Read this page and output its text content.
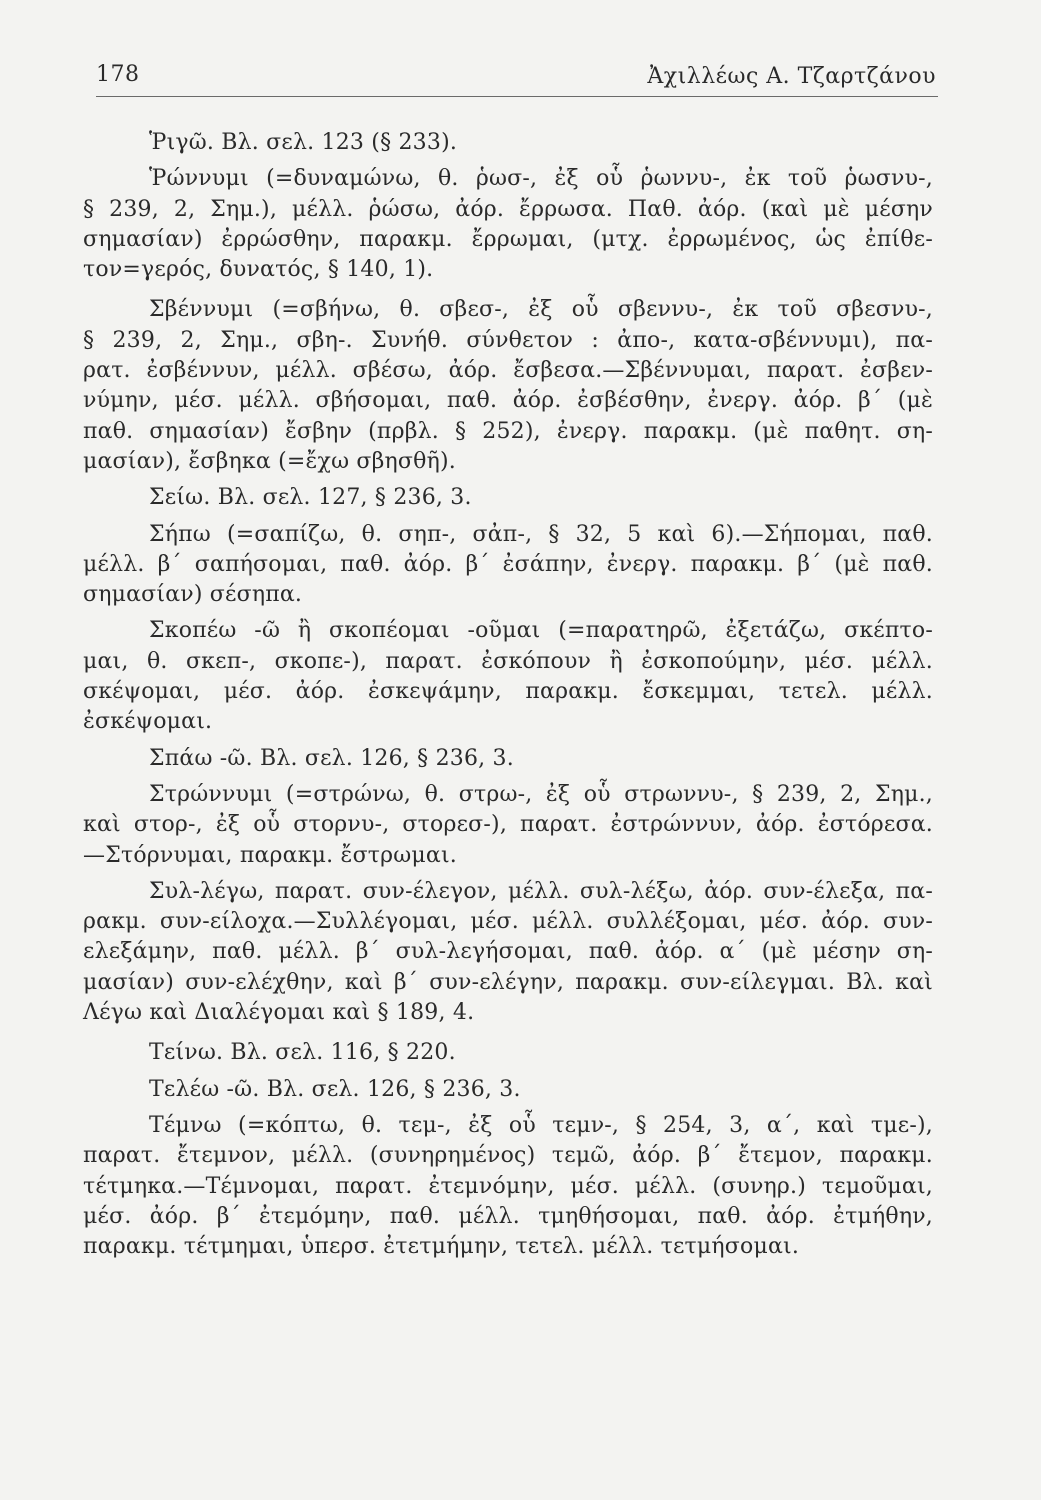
178	Ἀχιλλέως Α. Τζαρτζάνου
Ῥιγῶ. Βλ. σελ. 123 (§ 233).
Ῥώννυμι (=δυναμώνω, θ. ῥωσ-, ἐξ οὗ ῥωννυ-, ἐκ τοῦ ῥωσνυ-,
§ 239, 2, Σημ.), μέλλ. ῥώσω, ἀόρ. ἔρρωσα. Παθ. ἀόρ. (καὶ μὲ μέσην
σημασίαν) ἐρρώσθην, παρακμ. ἔρρωμαι, (μτχ. ἐρρωμένος, ὡς ἐπίθε-
τον=γερός, δυνατός, § 140, 1).
Σβέννυμι (=σβήνω, θ. σβεσ-, ἐξ οὗ σβεννυ-, ἐκ τοῦ σβεσνυ-,
§ 239, 2, Σημ., σβη-. Συνήθ. σύνθετον : ἀπο-, κατα-σβέννυμι), πα-
ρατ. ἐσβέννυν, μέλλ. σβέσω, ἀόρ. ἔσβεσα.—Σβέννυμαι, παρατ. ἐσβεν-
νύμην, μέσ. μέλλ. σβήσομαι, παθ. ἀόρ. ἐσβέσθην, ἐνεργ. ἀόρ. β΄ (μὲ
παθ. σημασίαν) ἔσβην (πρβλ. § 252), ἐνεργ. παρακμ. (μὲ παθητ. ση-
μασίαν), ἔσβηκα (=ἔχω σβησθῆ).
Σείω. Βλ. σελ. 127, § 236, 3.
Σήπω (=σαπίζω, θ. σηπ-, σἀπ-, § 32, 5 καὶ 6).—Σήπομαι, παθ.
μέλλ. β΄ σαπήσομαι, παθ. ἀόρ. β΄ ἐσάπην, ἐνεργ. παρακμ. β΄ (μὲ παθ.
σημασίαν) σέσηπα.
Σκοπέω -ῶ ἢ σκοπέομαι -οῦμαι (=παρατηρῶ, ἐξετάζω, σκέπτο-
μαι, θ. σκεπ-, σκοπε-), παρατ. ἐσκόπουν ἢ ἐσκοπούμην, μέσ. μέλλ.
σκέψομαι, μέσ. ἀόρ. ἐσκεψάμην, παρακμ. ἔσκεμμαι, τετελ. μέλλ.
ἐσκέψομαι.
Σπάω -ῶ. Βλ. σελ. 126, § 236, 3.
Στρώννυμι (=στρώνω, θ. στρω-, ἐξ οὗ στρωννυ-, § 239, 2, Σημ.,
καὶ στορ-, ἐξ οὗ στορνυ-, στορεσ-), παρατ. ἐστρώννυν, ἀόρ. ἐστόρεσα.
—Στόρνυμαι, παρακμ. ἔστρωμαι.
Συλ-λέγω, παρατ. συν-έλεγον, μέλλ. συλ-λέξω, ἀόρ. συν-έλεξα, πα-
ρακμ. συν-είλοχα.—Συλλέγομαι, μέσ. μέλλ. συλλέξομαι, μέσ. ἀόρ. συν-
ελεξάμην, παθ. μέλλ. β΄ συλ-λεγήσομαι, παθ. ἀόρ. α΄ (μὲ μέσην ση-
μασίαν) συν-ελέχθην, καὶ β΄ συν-ελέγην, παρακμ. συν-είλεγμαι. Βλ. καὶ
Λέγω καὶ Διαλέγομαι καὶ § 189, 4.
Τείνω. Βλ. σελ. 116, § 220.
Τελέω -ῶ. Βλ. σελ. 126, § 236, 3.
Τέμνω (=κόπτω, θ. τεμ-, ἐξ οὗ τεμν-, § 254, 3, α΄, καὶ τμε-),
παρατ. ἔτεμνον, μέλλ. (συνηρημένος) τεμῶ, ἀόρ. β΄ ἔτεμον, παρακμ.
τέτμηκα.—Τέμνομαι, παρατ. ἐτεμνόμην, μέσ. μέλλ. (συνηρ.) τεμοῦμαι,
μέσ. ἀόρ. β΄ ἐτεμόμην, παθ. μέλλ. τμηθήσομαι, παθ. ἀόρ. ἐτμήθην,
παρακμ. τέτμημαι, ὑπερσ. ἐτετμήμην, τετελ. μέλλ. τετμήσομαι.
